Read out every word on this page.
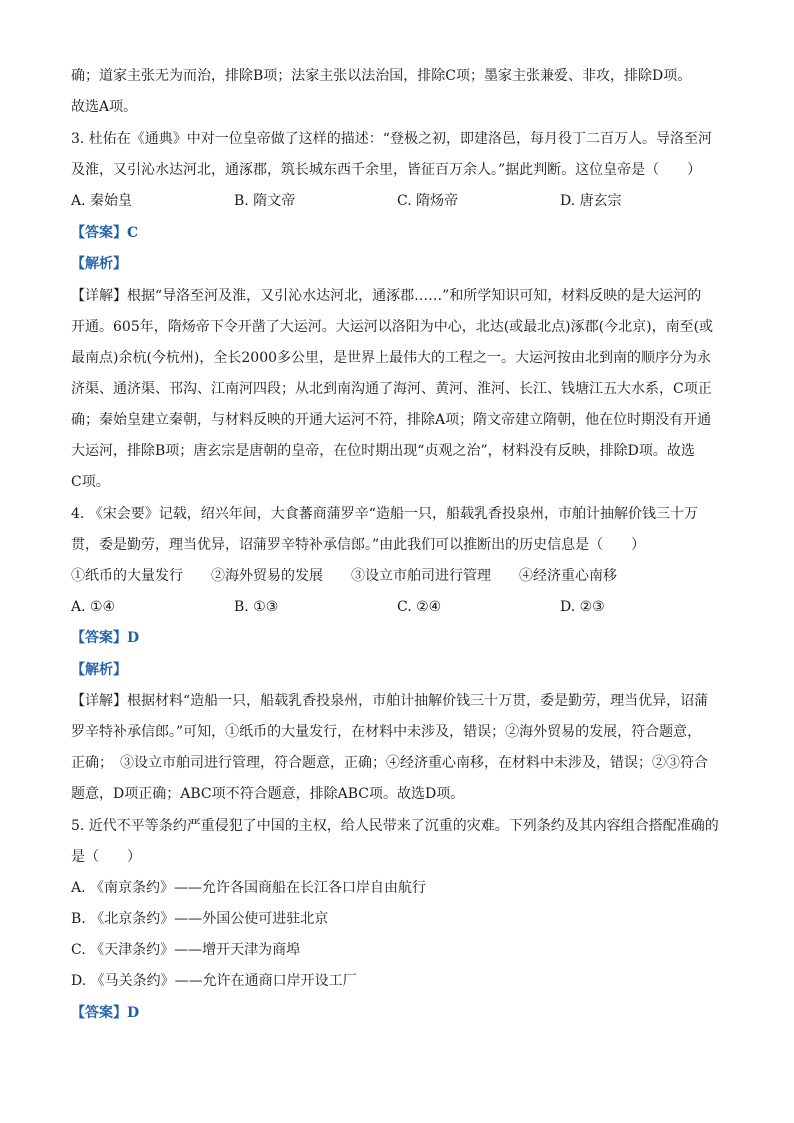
确；道家主张无为而治，排除B项；法家主张以法治国，排除C项；墨家主张兼爱、非攻，排除D项。
故选A项。
3. 杜佑在《通典》中对一位皇帝做了这样的描述：“登极之初，即建洛邑，每月役丁二百万人。导洛至河
及淮，又引沁水达河北，通涿郡，筑长城东西千余里，皆征百万余人。”据此判断。这位皇帝是（　　）
A. 秦始皇	B. 隋文帝	C. 隋炀帝	D. 唐玄宗
【答案】C
【解析】
【详解】根据“导洛至河及淮，又引沁水达河北，通涿郡……”和所学知识可知，材料反映的是大运河的
开通。605年，隋炀帝下令开凿了大运河。大运河以洛阳为中心，北达(或最北点)涿郡(今北京)，南至(或
最南点)余杭(今杭州)，全长2000多公里，是世界上最伟大的工程之一。大运河按由北到南的顺序分为永
济渠、通济渠、邗沟、江南河四段；从北到南沟通了海河、黄河、淮河、长江、钱塘江五大水系，C项正
确；秦始皇建立秦朝，与材料反映的开通大运河不符，排除A项；隋文帝建立隋朝，他在位时期没有开通
大运河，排除B项；唐玄宗是唐朝的皇帝，在位时期出现“贞观之治”，材料没有反映，排除D项。故选
C项。
4. 《宋会要》记载，绍兴年间，大食蕃商蒲罗辛“造船一只，船载乳香投泉州，市舶计抽解价钱三十万
贯，委是勤劳，理当优异，诏蒲罗辛特补承信郎。”由此我们可以推断出的历史信息是（　　）
①纸币的大量发行　　②海外贸易的发展　　③设立市舶司进行管理　　④经济重心南移
A. ①④	B. ①③	C. ②④	D. ②③
【答案】D
【解析】
【详解】根据材料“造船一只，船载乳香投泉州，市舶计抽解价钱三十万贯，委是勤劳，理当优异，诏蒲
罗辛特补承信郎。”可知，①纸币的大量发行，在材料中未涉及，错误；②海外贸易的发展，符合题意，
正确；　③设立市舶司进行管理，符合题意，正确；④经济重心南移，在材料中未涉及，错误；②③符合
题意，D项正确；ABC项不符合题意，排除ABC项。故选D项。
5. 近代不平等条约严重侵犯了中国的主权，给人民带来了沉重的灾难。下列条约及其内容组合搭配准确的
是（　　）
A. 《南京条约》——允许各国商船在长江各口岸自由航行
B. 《北京条约》——外国公使可进驻北京
C. 《天津条约》——增开天津为商埠
D. 《马关条约》——允许在通商口岸开设工厂
【答案】D
